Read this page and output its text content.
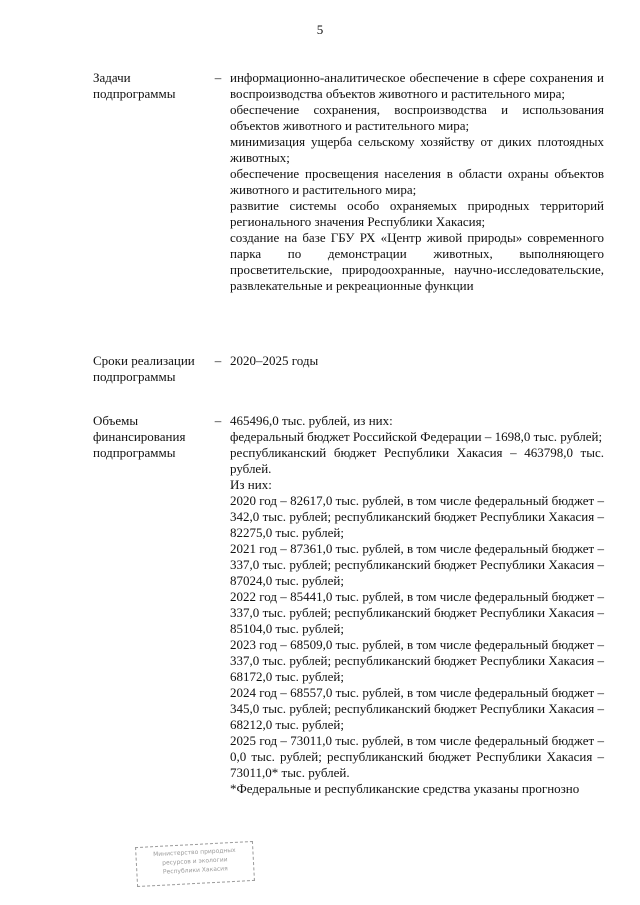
5
Задачи подпрограммы
– информационно-аналитическое обеспечение в сфере сохранения и воспроизводства объектов животного и растительного мира;

обеспечение сохранения, воспроизводства и использования объектов животного и растительного мира;

минимизация ущерба сельскому хозяйству от диких плотоядных животных;

обеспечение просвещения населения в области охраны объектов животного и растительного мира;

развитие системы особо охраняемых природных территорий регионального значения Республики Хакасия;

создание на базе ГБУ РХ «Центр живой природы» современного парка по демонстрации животных, выполняющего просветительские, природоохранные, научно-исследовательские, развлекательные и рекреационные функции

Сроки реализации подпрограммы
– 2020–2025 годы

Объемы финансирования подпрограммы
– 465496,0 тыс. рублей, из них:

федеральный бюджет Российской Федерации – 1698,0 тыс. рублей;

республиканский бюджет Республики Хакасия – 463798,0 тыс. рублей.

Из них:

2020 год – 82617,0 тыс. рублей, в том числе федеральный бюджет – 342,0 тыс. рублей; республиканский бюджет Республики Хакасия – 82275,0 тыс. рублей;

2021 год – 87361,0 тыс. рублей, в том числе федеральный бюджет – 337,0 тыс. рублей; республиканский бюджет Республики Хакасия – 87024,0 тыс. рублей;

2022 год – 85441,0 тыс. рублей, в том числе федеральный бюджет – 337,0 тыс. рублей; республиканский бюджет Республики Хакасия – 85104,0 тыс. рублей;

2023 год – 68509,0 тыс. рублей, в том числе федеральный бюджет – 337,0 тыс. рублей; республиканский бюджет Республики Хакасия – 68172,0 тыс. рублей;

2024 год – 68557,0 тыс. рублей, в том числе федеральный бюджет – 345,0 тыс. рублей; республиканский бюджет Республики Хакасия – 68212,0 тыс. рублей;

2025 год – 73011,0 тыс. рублей, в том числе федеральный бюджет – 0,0 тыс. рублей; республиканский бюджет Республики Хакасия – 73011,0* тыс. рублей.

*Федеральные и республиканские средства указаны прогнозно

Министерство природных
ресурсов и экологии
Республики Хакасия
